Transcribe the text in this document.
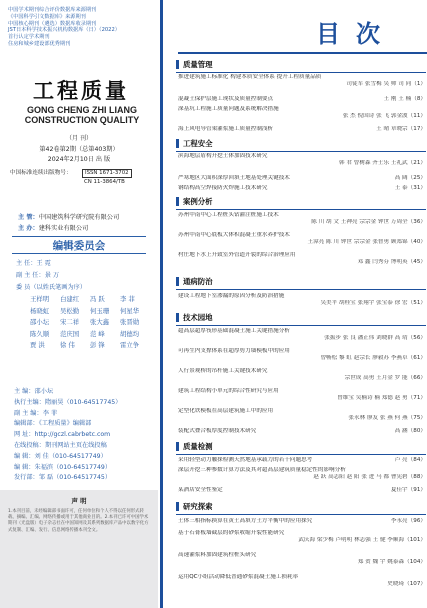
中国学术期刊综合评价数据库来源期刊
《中国科学引文数据库》来源期刊
中国核心期刊（遴选）数据库收录期刊
JST日本科学技术振兴机构数据库（日）（2022）
首行认定学术期刊
住房和城乡建设部优秀期刊
工程质量
GONG CHENG ZHI LIANG
CONSTRUCTION QUALITY
（月 刊）
第42卷第2期（总第403期）
2024年2月10日 出 版
中国标准连续出版物号：	ISSN 1671-3702
CN 11-3864/TB
主 管：中国建筑科学研究院有限公司
主 办：建科实业有限公司
编辑委员会
主 任：王 霓
副 主 任：景 万
委 员（以姓氏笔画为序）
王样明	白建红	冯 跃	李 菲
杨晓虹	吴松勤	何玉珊	何星华
邵小坛	宋二祥	张大鑫	张晋勋
陈久顺	范庆国	范 峰	胡德均
贾 洪	徐 伟	彭 锋	雷立争
主 编：邵小坛
执行主编：隋丽昊（010-64517745）
副 主 编：李 菲
编辑部：《工程质量》编辑部
网 址：http://gczl.cabrbetc.com
在线投稿：期刊网站主页在线投稿
编 辑：刘 佳（010-64517749）
编 辑：朱福滨（010-64517749）
发行部：邹 磊（010-64517745）
声 明
1.本刊目前，未经编辑部书面许可，任何单位和个人不得以任何形式转载、摘编、汇编、网络传播或用于其他商业目的。2.本刊已许可中国学术期刊（光盘版）电子杂志社在中国知网及其系列数据库产品中以数字化方式复制、汇编、发行、信息网络传播本刊全文。
目次
质量管理
推进建筑施工标准化 构建本质安全体系 提升工程质量品质
司徒军 张雪梅 吴 帅 司 同（1）
混凝土保护层施工现状及质量控制要点	王 刚 王 楠（8）
深基坑工程施工质量问题及系统解决措施
张 杰 倪国诗 张 飞 郭金波（11）
海上风电导管架灌浆施工质量控制浅析	王 晴 章晓宗（17）
工程安全
滨海地层盾构开挖土体加固技术研究
韩 君 曾树森 齐士乐 王礼武（21）
严寒地区大面积深厚回填土地基处理关键技术	高 阔（25）
钢结构高空焊接防火焊施工技术研究	王 泰（31）
案例分析
苏州中南中心工程桩头钻灌注桩施工技术
陈 川 胡 文 王神亮 宗宗金 钟世 万周全（36）
苏州中南中心底板大体积混凝土重水养护技术
王漳亮 陈 川 钟世 宗宗金 张智勇 顾郑锦（40）
村庄地下水上升致室外管道开裂的综合治理应用
邓 鑫 闫秀芬 博明英（45）
通病防治
建设工程地下室渗漏的原因分析及防治措施
吴美平 胡桂宝 张翔宇 张宝泰 徐 宏（51）
技术园地
超高层超厚筏形基础混凝土施工关键措施分析
张振步 张 良 潘正伟 刘晓群 高 靖（56）
可再生内支撑体系在超厚剪力墙模板中的应用
曾畅松 黎 虹 赵宗长 廖毅苏 李燕卓（61）
人行景观桥的吊杆施工关键技术研究
宗世成 高勇 王月金 罗 能（66）
建筑工程结构小单元的综合性研究与应用
曾维宝 吴楠诗 楠 郑德 赵 勇（71）
定型化铁模板在高层建筑施工中的应用
张永林 廖友 张 燕 何 燕（75）
装配式叠合板厚度控制技术研究	高 涵（80）
质量检测
采用轻型动力触探检测天然地基承载力的若干问题思考	卢 亮（84）
深层开挖三种参数计算方法及其对超高层建筑质量稳定性的影响分析
赵 跃 高志阳 赵 阳 张 进 马 都 曹宪碧（88）
某酒店安全性鉴定	夏佳宇（91）
研究探索
土体三相指标换算在黄土高填方土方平衡中的应用探究	李永亮（96）
基于石膏板墙截层的砂浆收缩开裂性能研究
武庆海 梁少梅 卢明明 林志强 王 健 李顺海（101）
高速灌浆料加固建筑柱桩头研究
郑 贺 魏 宇 姚泰森（104）
运用QC小组活动降低普通砂浆混凝土施工损耗率
史晓琦（107）
